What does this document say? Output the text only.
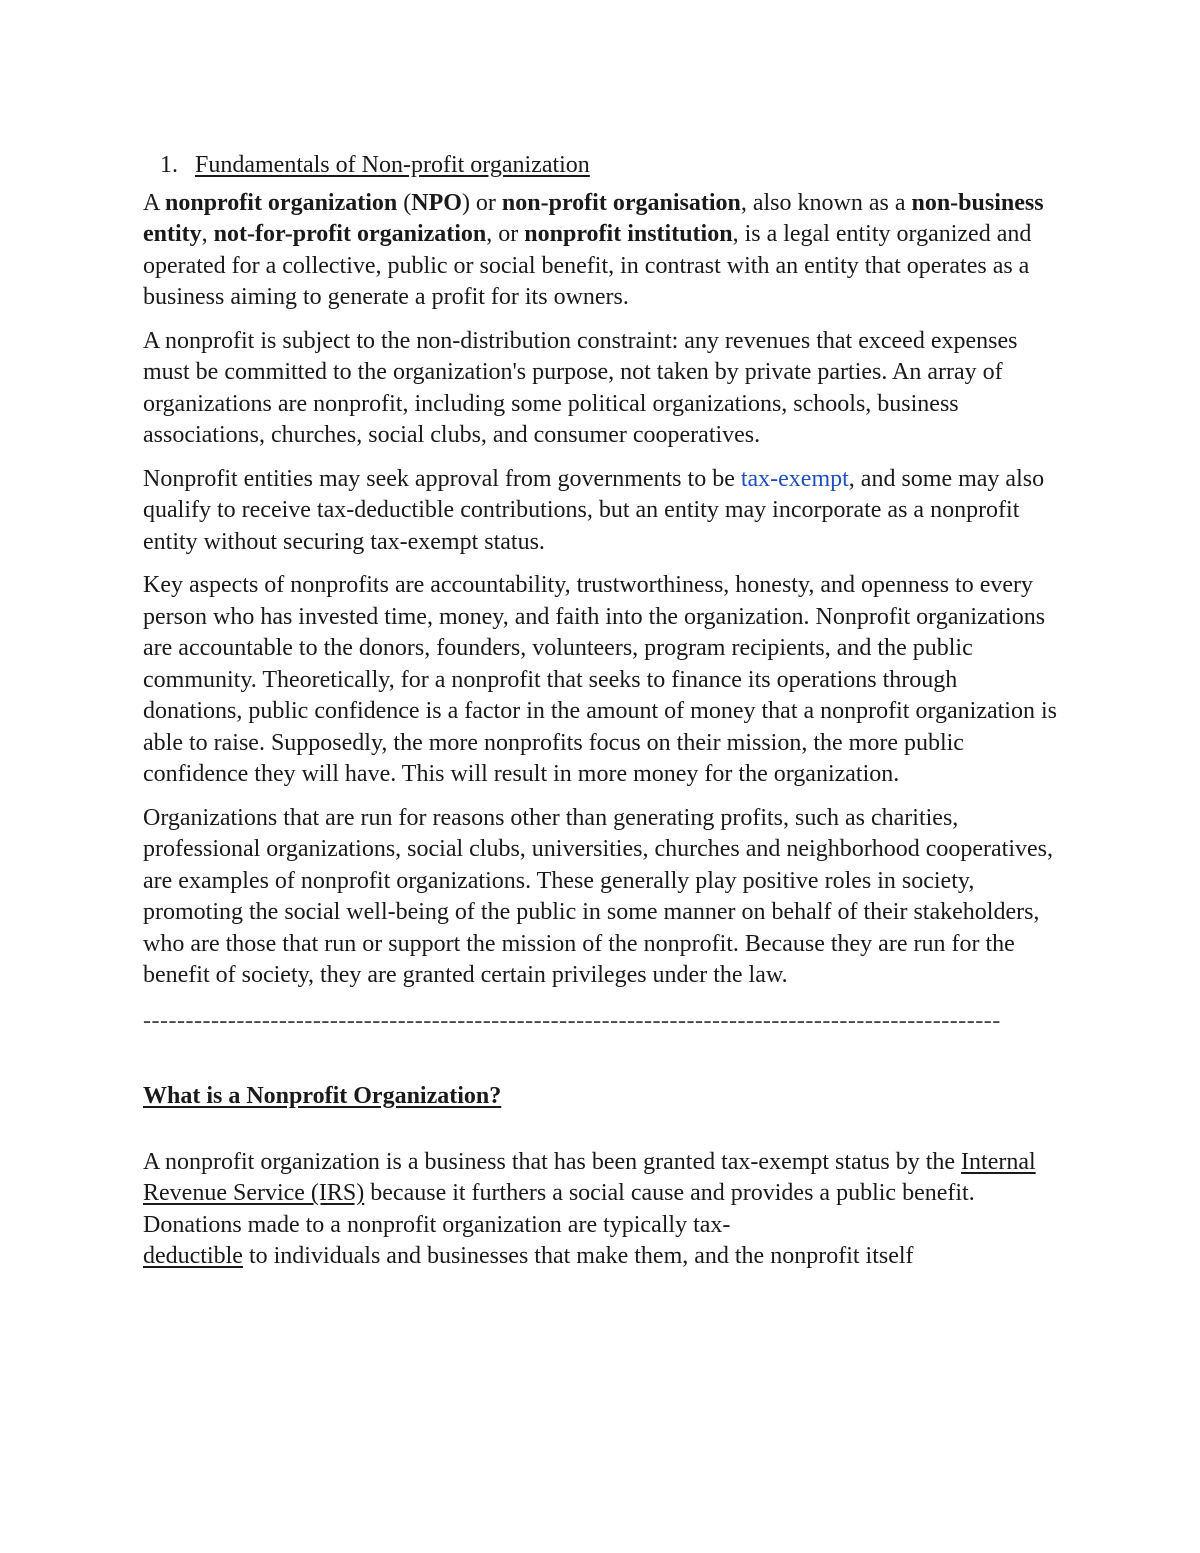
1. Fundamentals of Non-profit organization

A nonprofit organization (NPO) or non-profit organisation, also known as a non-business entity, not-for-profit organization, or nonprofit institution, is a legal entity organized and operated for a collective, public or social benefit, in contrast with an entity that operates as a business aiming to generate a profit for its owners.

A nonprofit is subject to the non-distribution constraint: any revenues that exceed expenses must be committed to the organization's purpose, not taken by private parties. An array of organizations are nonprofit, including some political organizations, schools, business associations, churches, social clubs, and consumer cooperatives.

Nonprofit entities may seek approval from governments to be tax-exempt, and some may also qualify to receive tax-deductible contributions, but an entity may incorporate as a nonprofit entity without securing tax-exempt status.

Key aspects of nonprofits are accountability, trustworthiness, honesty, and openness to every person who has invested time, money, and faith into the organization. Nonprofit organizations are accountable to the donors, founders, volunteers, program recipients, and the public community. Theoretically, for a nonprofit that seeks to finance its operations through donations, public confidence is a factor in the amount of money that a nonprofit organization is able to raise. Supposedly, the more nonprofits focus on their mission, the more public confidence they will have. This will result in more money for the organization.

Organizations that are run for reasons other than generating profits, such as charities, professional organizations, social clubs, universities, churches and neighborhood cooperatives, are examples of nonprofit organizations. These generally play positive roles in society, promoting the social well-being of the public in some manner on behalf of their stakeholders, who are those that run or support the mission of the nonprofit. Because they are run for the benefit of society, they are granted certain privileges under the law.

-----------------------------------------------------------------------------------------------------
What is a Nonprofit Organization?

A nonprofit organization is a business that has been granted tax-exempt status by the Internal Revenue Service (IRS) because it furthers a social cause and provides a public benefit. Donations made to a nonprofit organization are typically tax-
deductible to individuals and businesses that make them, and the nonprofit itself
